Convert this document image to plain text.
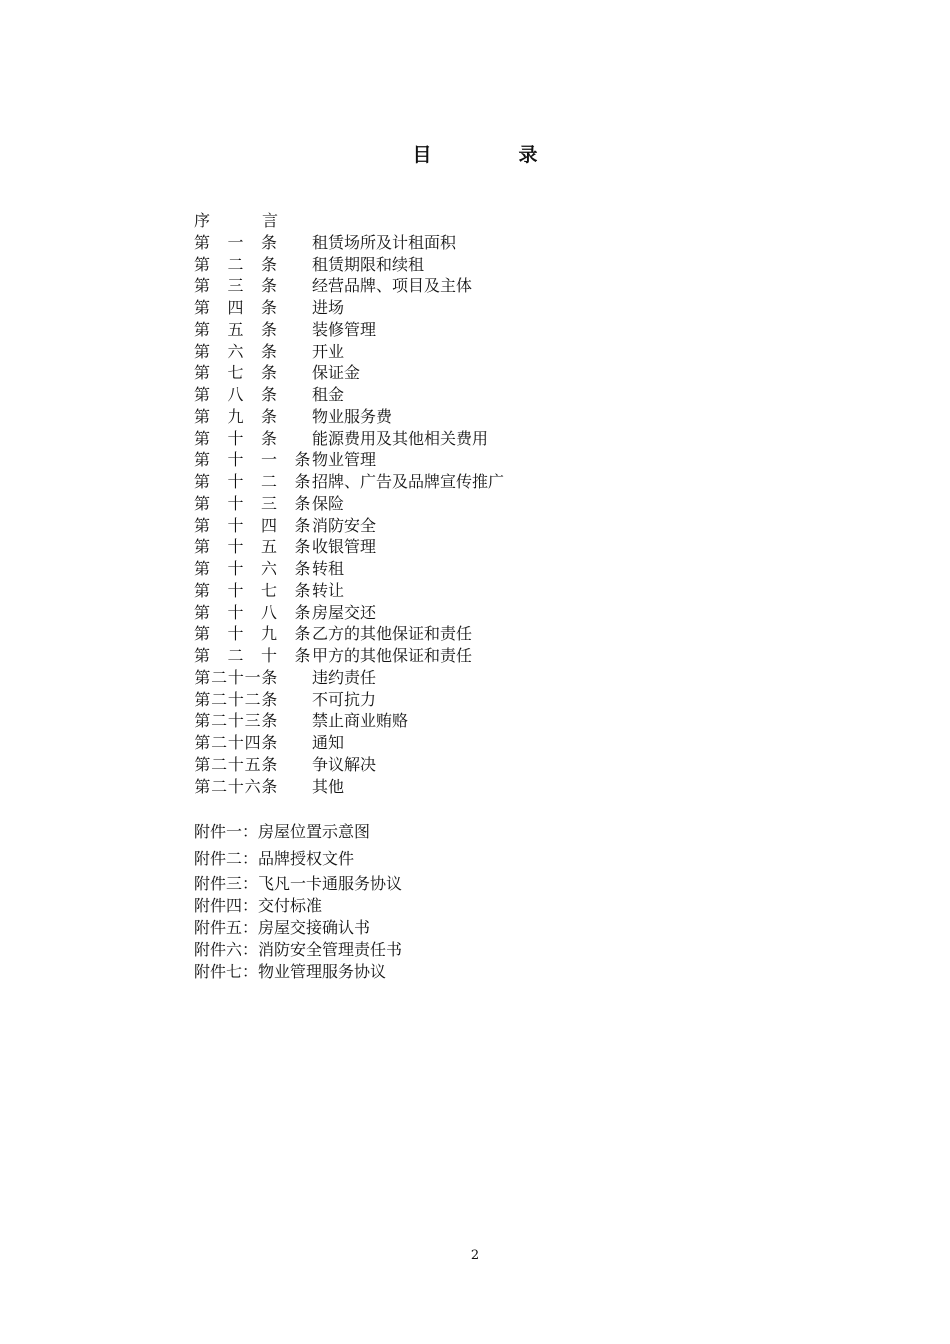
目　录
序	言
第 一 条 租赁场所及计租面积
第 二 条 租赁期限和续租
第 三 条 经营品牌、项目及主体
第 四 条 进场
第 五 条 装修管理
第 六 条 开业
第 七 条 保证金
第 八 条 租金
第 九 条 物业服务费
第 十 条 能源费用及其他相关费用
第 十 一 条物业管理
第 十 二 条招牌、广告及品牌宣传推广
第 十 三 条保险
第 十 四 条消防安全
第 十 五 条收银管理
第 十 六 条转租
第 十 七 条转让
第 十 八 条房屋交还
第 十 九 条乙方的其他保证和责任
第 二 十 条甲方的其他保证和责任
第二十一条 违约责任
第二十二条 不可抗力
第二十三条 禁止商业贿赂
第二十四条 通知
第二十五条 争议解决
第二十六条 其他
附件一：房屋位置示意图
附件二：品牌授权文件
附件三：飞凡一卡通服务协议
附件四：交付标准
附件五：房屋交接确认书
附件六：消防安全管理责任书
附件七：物业管理服务协议
2
